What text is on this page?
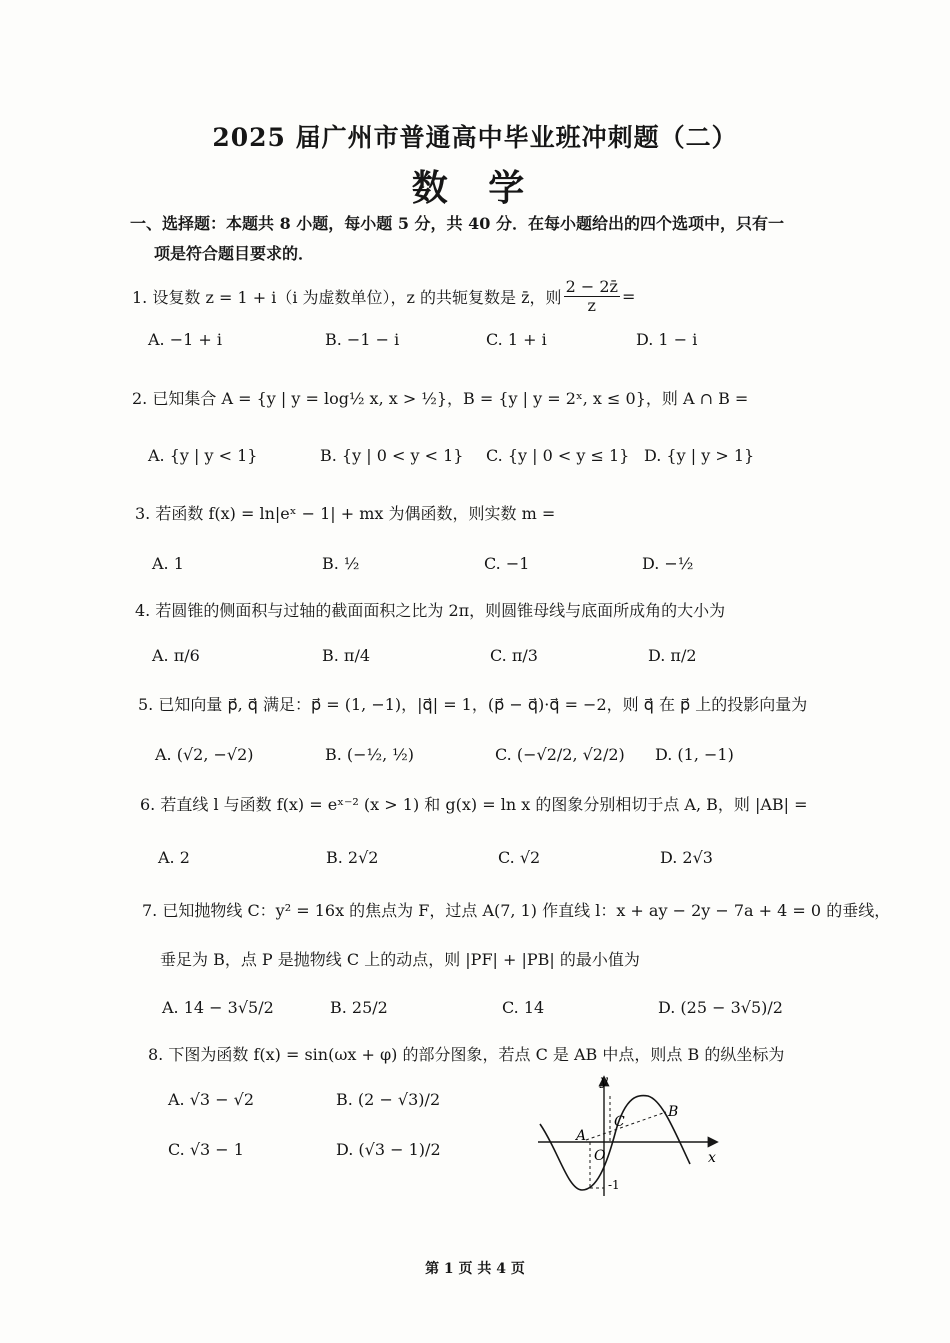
2025 届广州市普通高中毕业班冲刺题（二）
数 学
一、选择题：本题共 8 小题，每小题 5 分，共 40 分．在每小题给出的四个选项中，只有一
项是符合题目要求的．
1. 设复数 z = 1 + i（i 为虚数单位），z 的共轭复数是 z̄，则 $\frac{2 - 2z̄}{z}$ =
A. −1 + i	B. −1 − i	C. 1 + i	D. 1 − i
2. 已知集合 A = {y | y = log½ x, x > ½}，B = {y | y = 2ˣ, x ≤ 0}，则 A ∩ B =
A. {y | y < 1}	B. {y | 0 < y < 1} C. {y | 0 < y ≤ 1} D. {y | y > 1}
3. 若函数 f(x) = ln|eˣ − 1| + mx 为偶函数，则实数 m =
A. 1	B. ½	C. −1	D. −½
4. 若圆锥的侧面积与过轴的截面面积之比为 2π，则圆锥母线与底面所成角的大小为
A. π/6	B. π/4	C. π/3	D. π/2
5. 已知向量 p⃗, q⃗ 满足：p⃗ = (1, −1)，|q⃗| = 1，(p⃗ − q⃗)·q⃗ = −2，则 q⃗ 在 p⃗ 上的投影向量为
A. (√2, −√2)	B. (−½, ½)	C. (−√2/2, √2/2) D. (1, −1)
6. 若直线 l 与函数 f(x) = eˣ⁻² (x > 1) 和 g(x) = ln x 的图象分别相切于点 A, B，则 |AB| =
A. 2	B. 2√2	C. √2	D. 2√3
7. 已知抛物线 C：y² = 16x 的焦点为 F，过点 A(7, 1) 作直线 l：x + ay − 2y − 7a + 4 = 0 的垂线，
垂足为 B，点 P 是抛物线 C 上的动点，则 |PF| + |PB| 的最小值为
A. 14 − 3√5/2	B. 25/2	C. 14	D. (25 − 3√5)/2
8. 下图为函数 f(x) = sin(ωx + φ) 的部分图象，若点 C 是 AB 中点，则点 B 的纵坐标为
A. √3 − √2	B. (2 − √3)/2
C. √3 − 1	D. (√3 − 1)/2
y
x
O
A
B
C
-1
第 1 页 共 4 页
